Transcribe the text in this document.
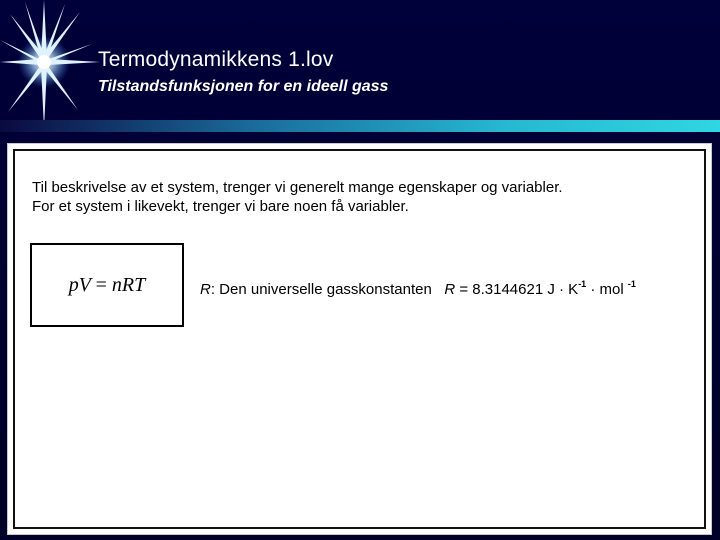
Termodynamikkens 1.lov
Tilstandsfunksjonen for en ideell gass
Til beskrivelse av et system, trenger vi generelt mange egenskaper og variabler.
For et system i likevekt, trenger vi bare noen få variabler.
pV = nRT	R: Den universelle gasskonstanten R = 8.3144621 $J \cdot K^{-1}$ · mol $^{-1}$
